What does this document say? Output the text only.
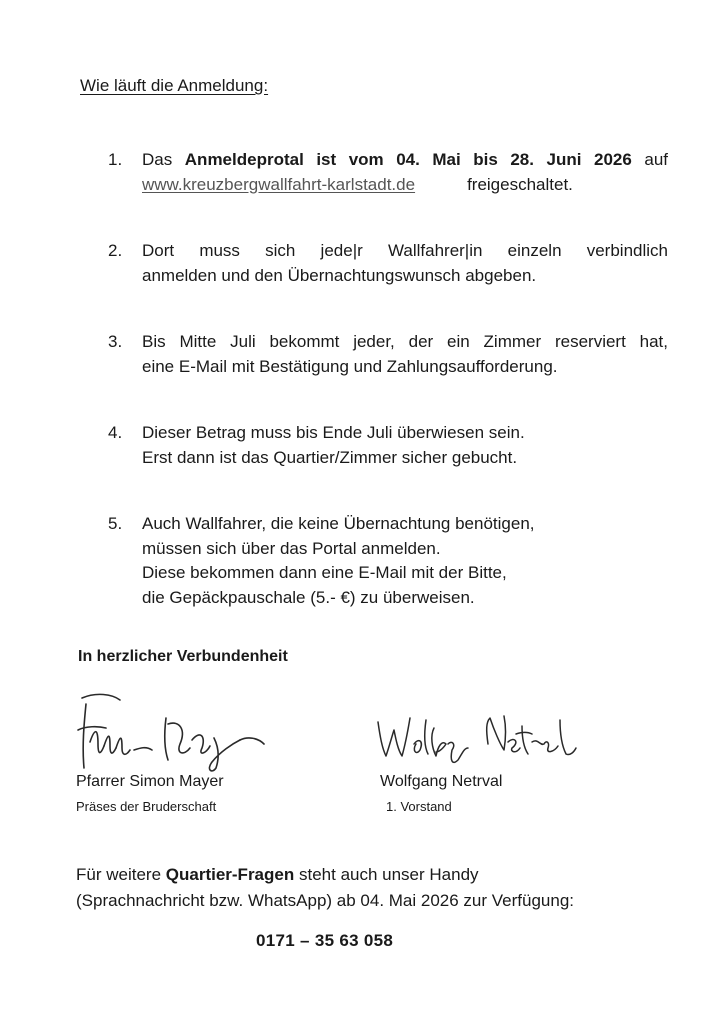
Wie läuft die Anmeldung:
1.	Das Anmeldeprotal ist vom 04. Mai bis 28. Juni 2026 auf
www.kreuzbergwallfahrt-karlstadt.de	freigeschaltet.
2.	Dort muss sich jede|r Wallfahrer|in einzeln verbindlich
anmelden und den Übernachtungswunsch abgeben.
3.	Bis Mitte Juli bekommt jeder, der ein Zimmer reserviert hat,
eine E-Mail mit Bestätigung und Zahlungsaufforderung.
4.	Dieser Betrag muss bis Ende Juli überwiesen sein.
Erst dann ist das Quartier/Zimmer sicher gebucht.
5.	Auch Wallfahrer, die keine Übernachtung benötigen,
müssen sich über das Portal anmelden.
Diese bekommen dann eine E-Mail mit der Bitte,
die Gepäckpauschale (5.- €) zu überweisen.
In herzlicher Verbundenheit
Pfarrer Simon Mayer
Präses der Bruderschaft
Wolfgang Netrval
1. Vorstand
Für weitere Quartier-Fragen steht auch unser Handy
(Sprachnachricht bzw. WhatsApp) ab 04. Mai 2026 zur Verfügung:
0171 – 35 63 058
